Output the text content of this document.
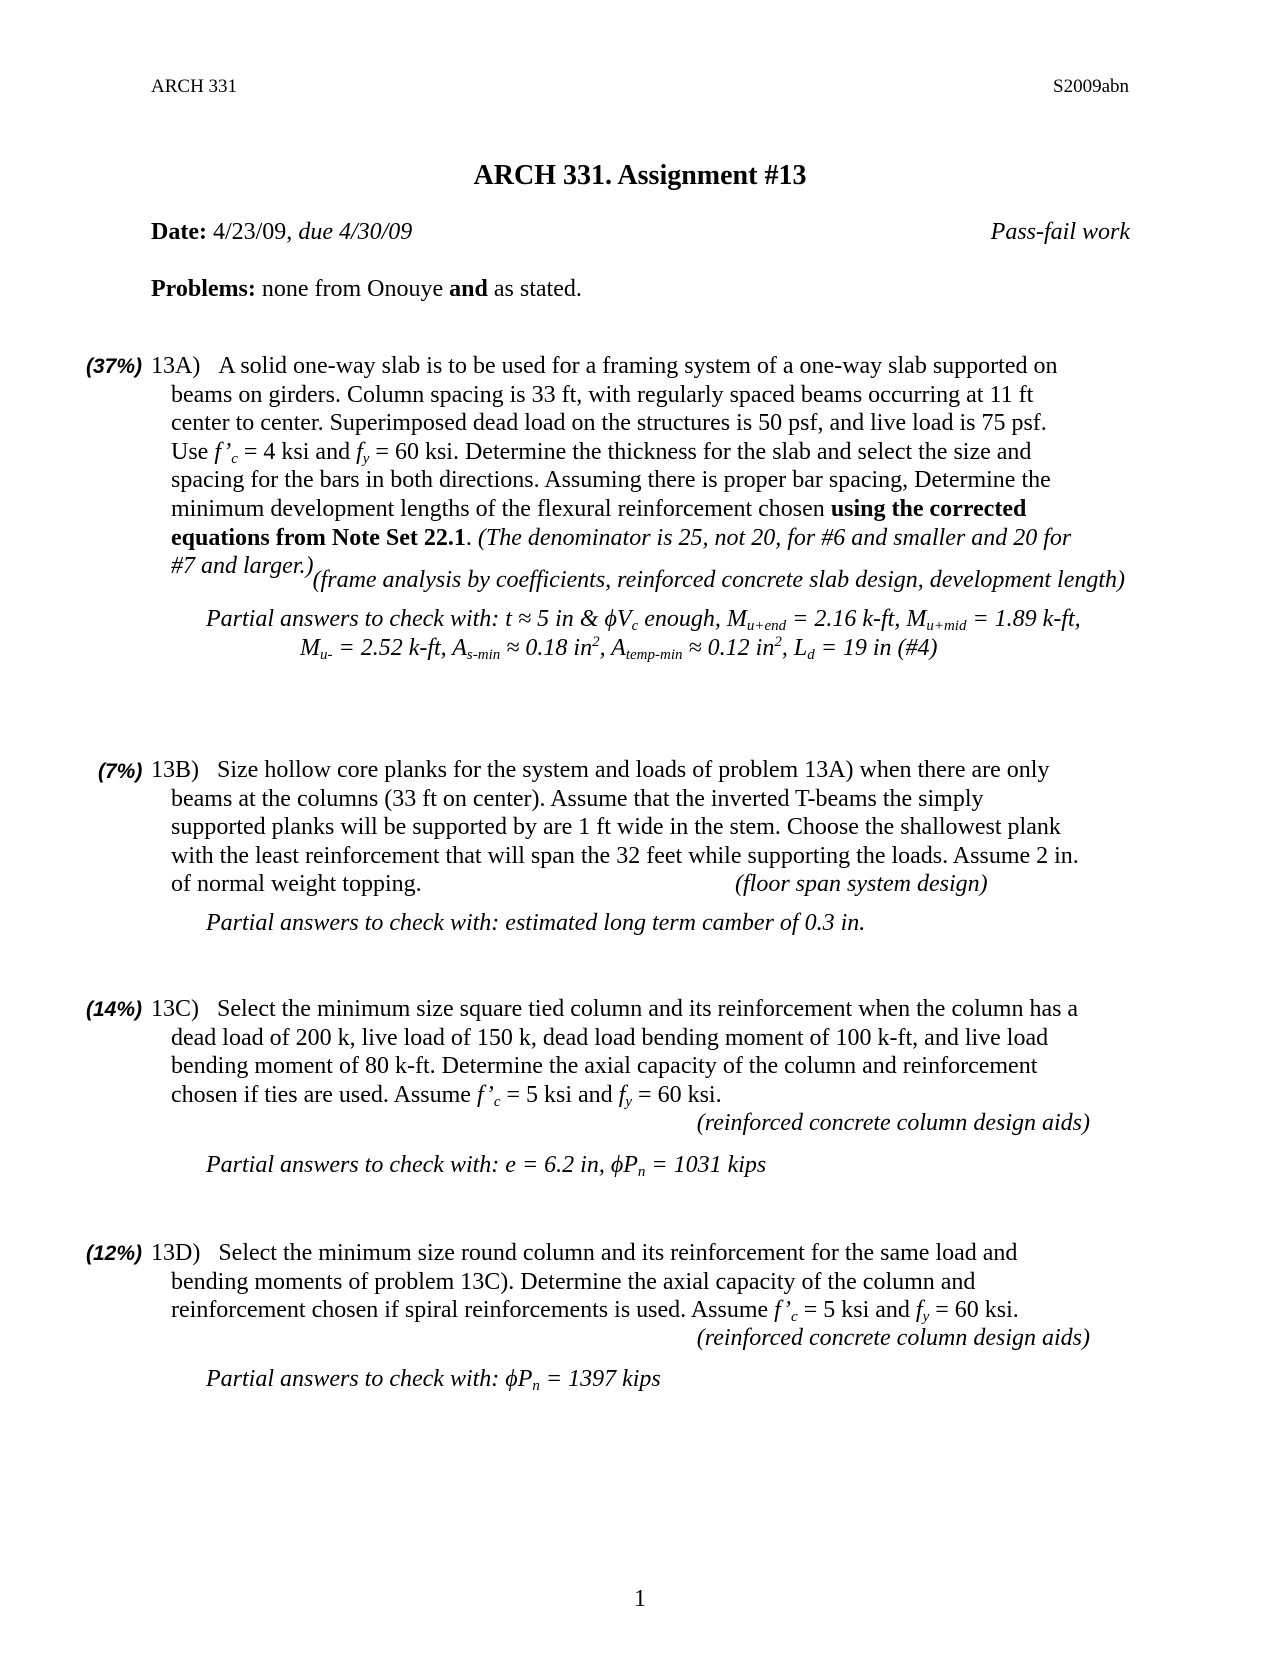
ARCH 331	S2009abn
ARCH 331. Assignment #13
Date: 4/23/09, due 4/30/09	Pass-fail work
Problems: none from Onouye and as stated.
(37%) 13A) A solid one-way slab is to be used for a framing system of a one-way slab supported on
beams on girders. Column spacing is 33 ft, with regularly spaced beams occurring at 11 ft
center to center. Superimposed dead load on the structures is 50 psf, and live load is 75 psf.
Use $f’_c = 4$ ksi and $f_y = 60$ ksi. Determine the thickness for the slab and select the size and
spacing for the bars in both directions. Assuming there is proper bar spacing, Determine the
minimum development lengths of the flexural reinforcement chosen using the corrected
equations from Note Set 22.1. (The denominator is 25, not 20, for #6 and smaller and 20 for
#7 and larger.)
(frame analysis by coefficients, reinforced concrete slab design, development length)
Partial answers to check with: t ≈ 5 in & $\phi V_c$ enough, $M_{u+end} = 2.16$ k-ft, $M_{u+mid} = 1.89$ k-ft,
$M_{u-} = 2.52$ k-ft, $A_{s-min} \approx 0.18$ $in^2$, $A_{temp-min} \approx 0.12$ $in^2$, $L_d = 19$ in (#4)
(7%) 13B) Size hollow core planks for the system and loads of problem 13A) when there are only
beams at the columns (33 ft on center). Assume that the inverted T-beams the simply
supported planks will be supported by are 1 ft wide in the stem. Choose the shallowest plank
with the least reinforcement that will span the 32 feet while supporting the loads. Assume 2 in.
of normal weight topping.	(floor span system design)
Partial answers to check with: estimated long term camber of 0.3 in.
(14%) 13C) Select the minimum size square tied column and its reinforcement when the column has a
dead load of 200 k, live load of 150 k, dead load bending moment of 100 k-ft, and live load
bending moment of 80 k-ft. Determine the axial capacity of the column and reinforcement
chosen if ties are used. Assume $f’_c = 5$ ksi and $f_y = 60$ ksi.
(reinforced concrete column design aids)
Partial answers to check with: e = 6.2 in, $\phi P_n = 1031$ kips
(12%) 13D) Select the minimum size round column and its reinforcement for the same load and
bending moments of problem 13C). Determine the axial capacity of the column and
reinforcement chosen if spiral reinforcements is used. Assume $f’_c = 5$ ksi and $f_y = 60$ ksi.
(reinforced concrete column design aids)
Partial answers to check with: $\phi P_n = 1397$ kips
1
